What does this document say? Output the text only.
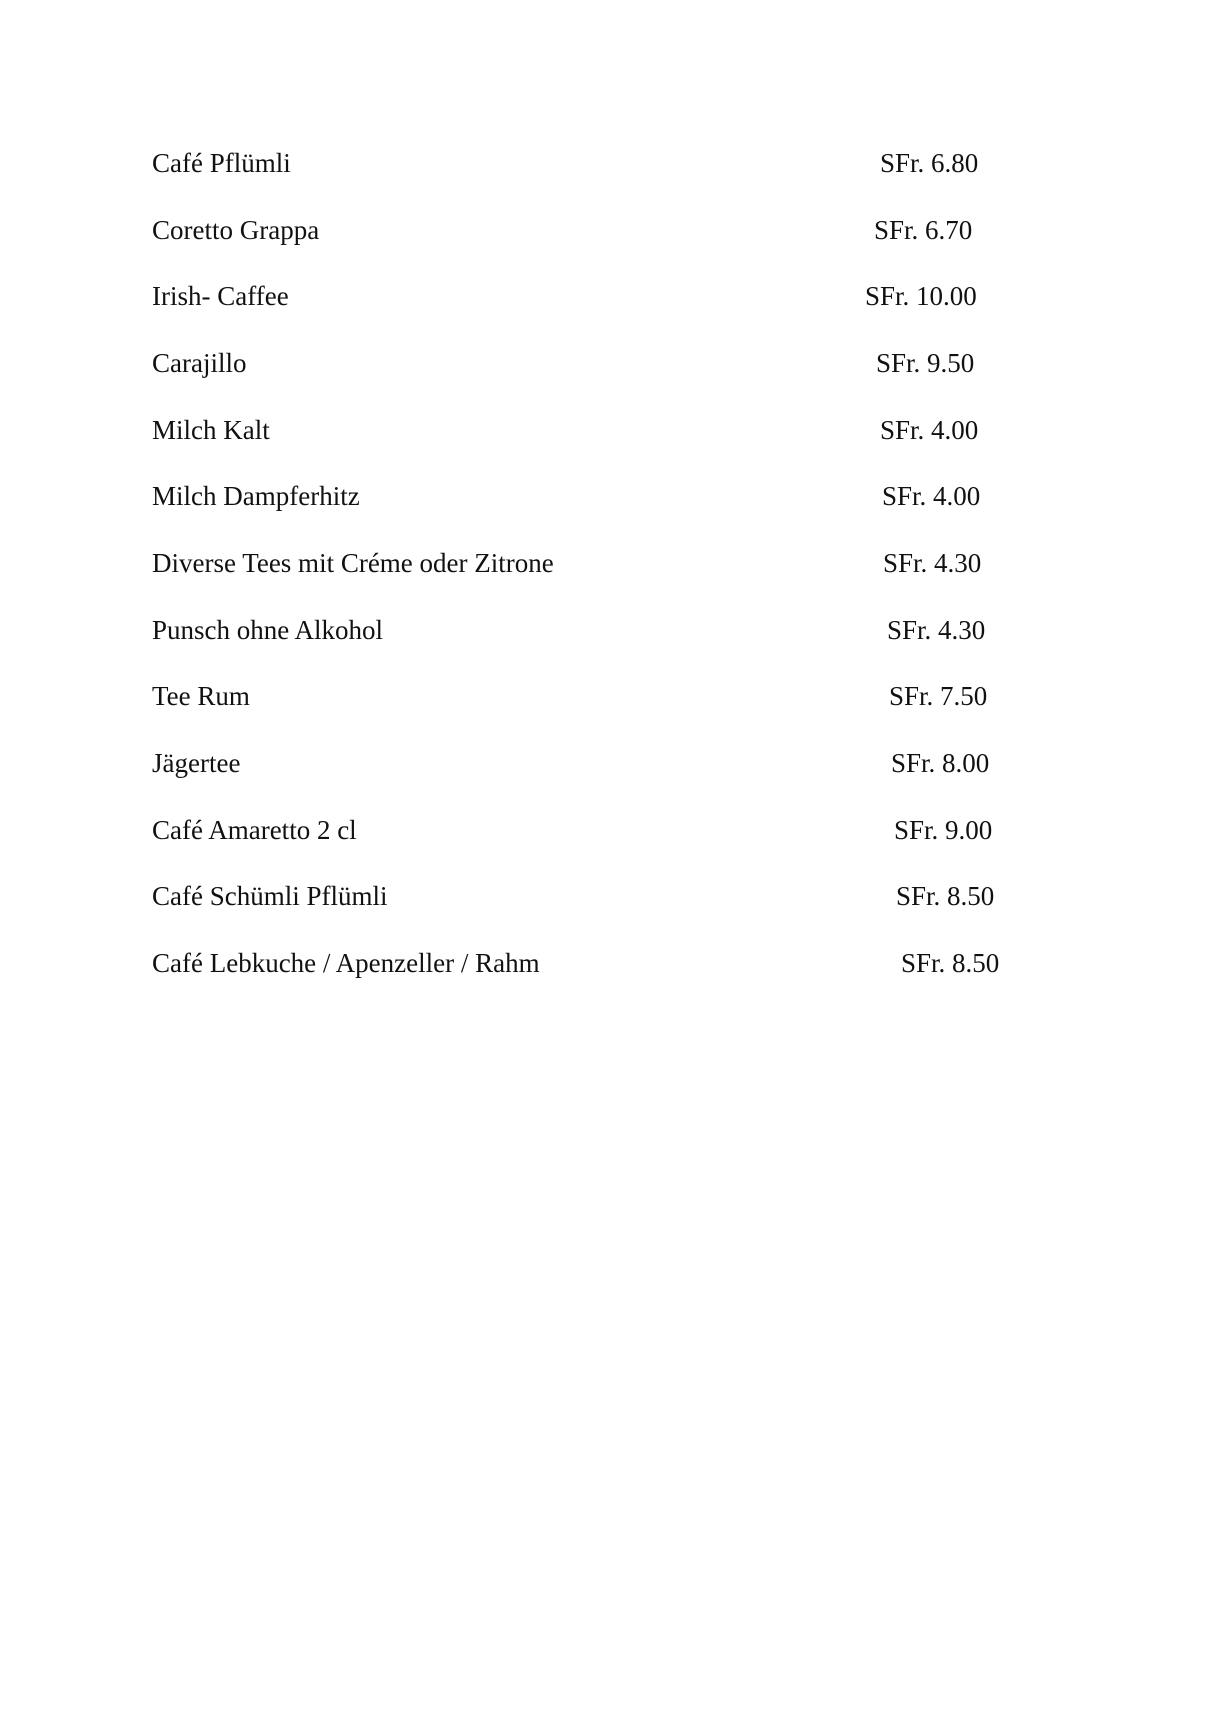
Café Pflümli	SFr. 6.80
Coretto Grappa	SFr. 6.70
Irish- Caffee	SFr. 10.00
Carajillo	SFr. 9.50
Milch Kalt	SFr. 4.00
Milch Dampferhitz	SFr. 4.00
Diverse Tees mit Créme oder Zitrone	SFr. 4.30
Punsch ohne Alkohol	SFr. 4.30
Tee Rum	SFr. 7.50
Jägertee	SFr. 8.00
Café Amaretto 2 cl	SFr. 9.00
Café Schümli Pflümli	SFr. 8.50
Café Lebkuche / Apenzeller / Rahm	SFr. 8.50
